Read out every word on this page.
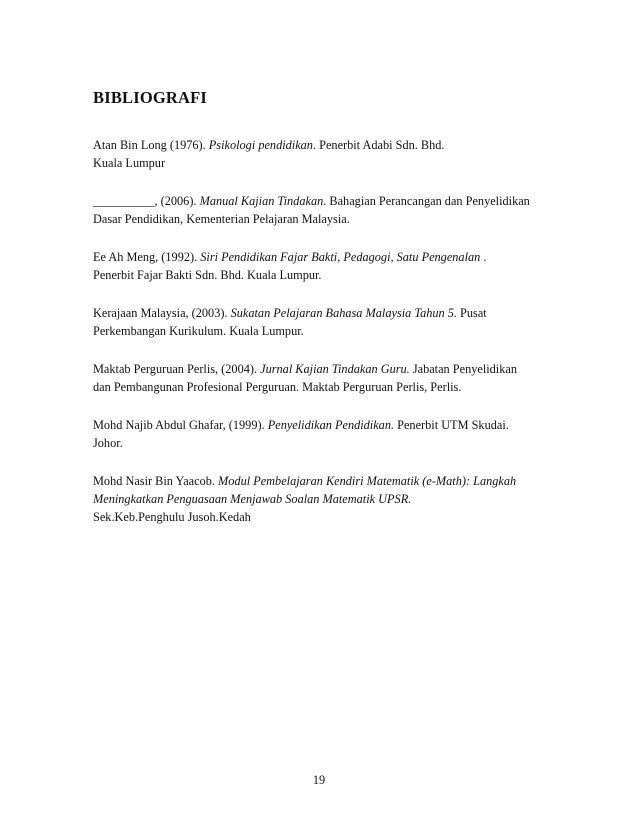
BIBLIOGRAFI

Atan Bin Long (1976). Psikologi pendidikan. Penerbit Adabi Sdn. Bhd.
Kuala Lumpur

__________, (2006). Manual Kajian Tindakan. Bahagian Perancangan dan Penyelidikan
Dasar Pendidikan, Kementerian Pelajaran Malaysia.

Ee Ah Meng, (1992). Siri Pendidikan Fajar Bakti, Pedagogi, Satu Pengenalan .
Penerbit Fajar Bakti Sdn. Bhd. Kuala Lumpur.

Kerajaan Malaysia, (2003). Sukatan Pelajaran Bahasa Malaysia Tahun 5. Pusat
Perkembangan Kurikulum. Kuala Lumpur.

Maktab Perguruan Perlis, (2004). Jurnal Kajian Tindakan Guru. Jabatan Penyelidikan
dan Pembangunan Profesional Perguruan. Maktab Perguruan Perlis, Perlis.

Mohd Najib Abdul Ghafar, (1999). Penyelidikan Pendidikan. Penerbit UTM Skudai.
Johor.

Mohd Nasir Bin Yaacob. Modul Pembelajaran Kendiri Matematik (e-Math): Langkah
Meningkatkan Penguasaan Menjawab Soalan Matematik UPSR.
Sek.Keb.Penghulu Jusoh.Kedah

19
